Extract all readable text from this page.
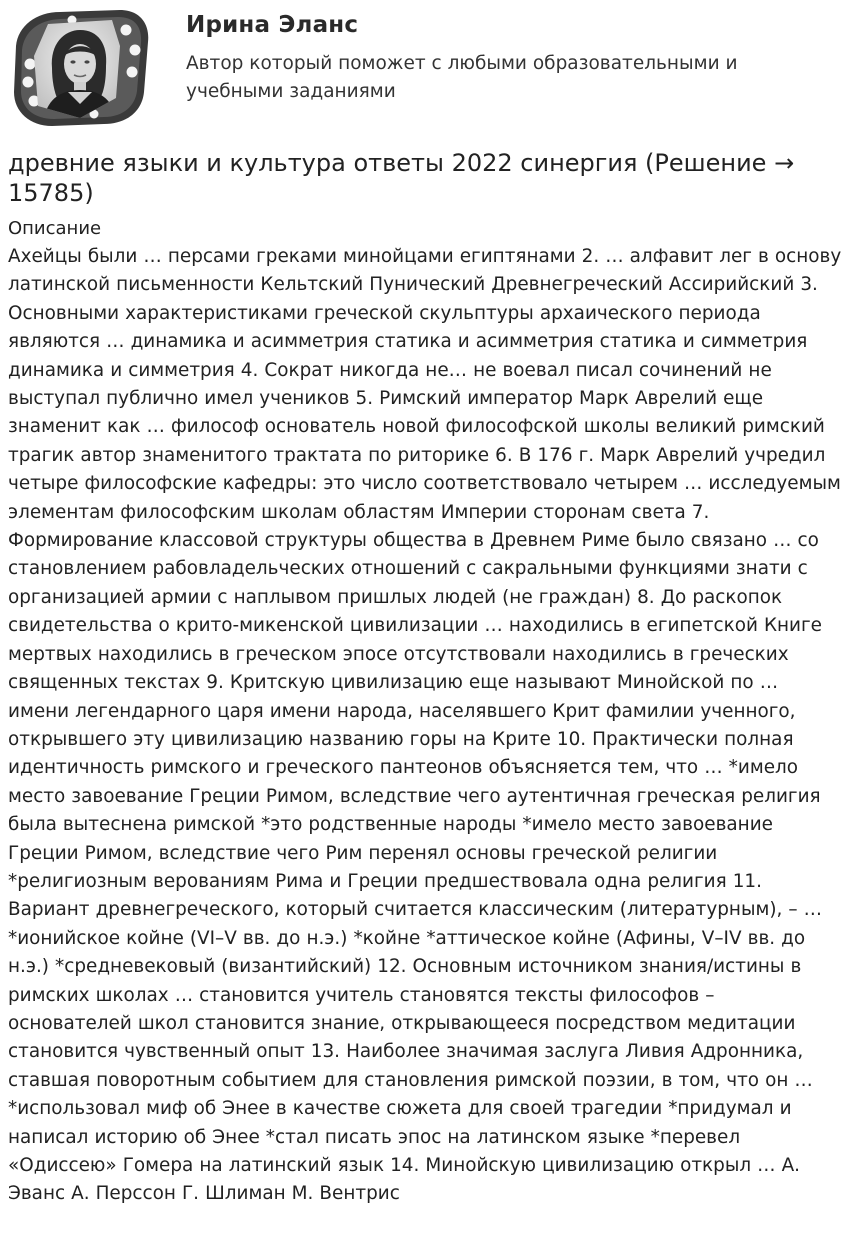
Ирина Эланс

Автор который поможет с любыми образовательными и учебными заданиями

древние языки и культура ответы 2022 синергия (Решение → 15785)
Описание

Ахейцы были … персами греками минойцами египтянами 2. … алфавит лег в основу латинской письменности Кельтский Пунический Древнегреческий Ассирийский 3. Основными характеристиками греческой скульптуры архаического периода являются … динамика и асимметрия статика и асимметрия статика и симметрия динамика и симметрия 4. Сократ никогда не… не воевал писал сочинений не выступал публично имел учеников 5. Римский император Марк Аврелий еще знаменит как … философ основатель новой философской школы великий римский трагик автор знаменитого трактата по риторике 6. В 176 г. Марк Аврелий учредил четыре философские кафедры: это число соответствовало четырем … исследуемым элементам философским школам областям Империи сторонам света 7. Формирование классовой структуры общества в Древнем Риме было связано … со становлением рабовладельческих отношений с сакральными функциями знати с организацией армии с наплывом пришлых людей (не граждан) 8. До раскопок свидетельства о крито-микенской цивилизации … находились в египетской Книге мертвых находились в греческом эпосе отсутствовали находились в греческих священных текстах 9. Критскую цивилизацию еще называют Минойской по … имени легендарного царя имени народа, населявшего Крит фамилии ученного, открывшего эту цивилизацию названию горы на Крите 10. Практически полная идентичность римского и греческого пантеонов объясняется тем, что … *имело место завоевание Греции Римом, вследствие чего аутентичная греческая религия была вытеснена римской *это родственные народы *имело место завоевание Греции Римом, вследствие чего Рим перенял основы греческой религии *религиозным верованиям Рима и Греции предшествовала одна религия 11. Вариант древнегреческого, который считается классическим (литературным), – … *ионийское койне (VI–V вв. до н.э.) *койне *аттическое койне (Афины, V–IV вв. до н.э.) *средневековый (византийский) 12. Основным источником знания/истины в римских школах … становится учитель становятся тексты философов – основателей школ становится знание, открывающееся посредством медитации становится чувственный опыт 13. Наиболее значимая заслуга Ливия Адронника, ставшая поворотным событием для становления римской поэзии, в том, что он … *использовал миф об Энее в качестве сюжета для своей трагедии *придумал и написал историю об Энее *стал писать эпос на латинском языке *перевел «Одиссею» Гомера на латинский язык 14. Минойскую цивилизацию открыл … А. Эванс А. Перссон Г. Шлиман М. Вентрис
